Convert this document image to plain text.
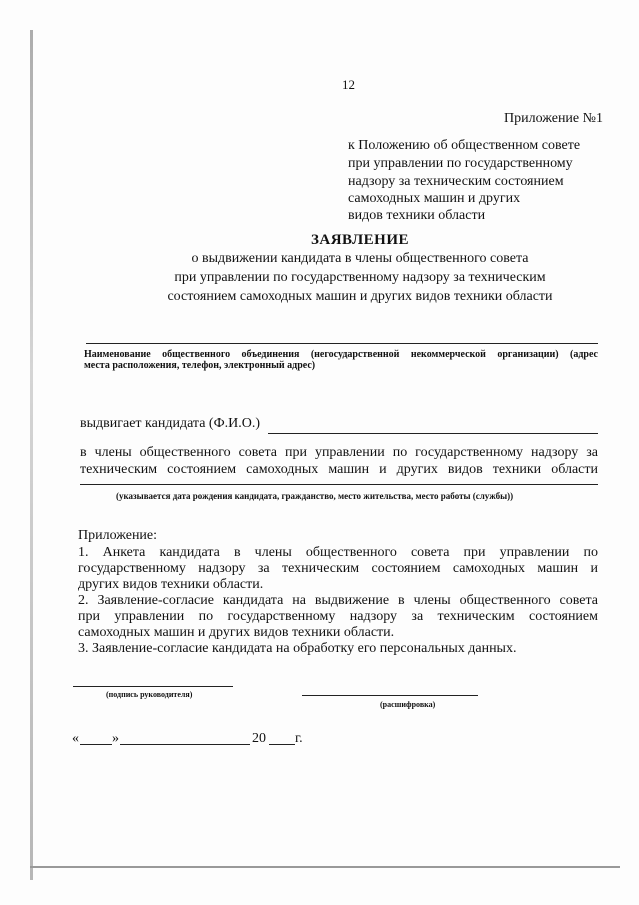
12
Приложение №1
к Положению об общественном совете
при управлении по государственному
надзору за техническим состоянием
самоходных машин и других
видов техники области
ЗАЯВЛЕНИЕ
о выдвижении кандидата в члены общественного совета
при управлении по государственному надзору за техническим
состоянием самоходных машин и других видов техники области
Наименование общественного объединения (негосударственной некоммерческой организации) (адрес
места расположения, телефон, электронный адрес)
выдвигает кандидата (Ф.И.О.)
в члены общественного совета при управлении по государственному надзору за
техническим состоянием самоходных машин и других видов техники области
(указывается дата рождения кандидата, гражданство, место жительства, место работы (службы))
Приложение:
1. Анкета кандидата в члены общественного совета при управлении по
государственному надзору за техническим состоянием самоходных машин и
других видов техники области.
2. Заявление-согласие кандидата на выдвижение в члены общественного совета
при управлении по государственному надзору за техническим состоянием
самоходных машин и других видов техники области.
3. Заявление-согласие кандидата на обработку его персональных данных.
(подпись руководителя)
(расшифровка)
« »	20 г.
